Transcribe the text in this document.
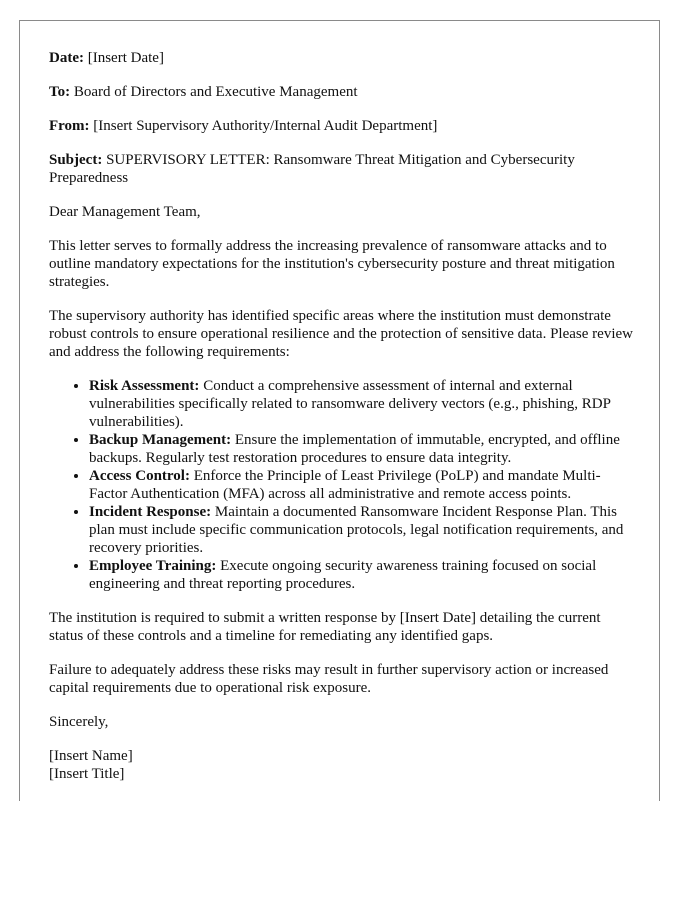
Date: [Insert Date]

To: Board of Directors and Executive Management

From: [Insert Supervisory Authority/Internal Audit Department]

Subject: SUPERVISORY LETTER: Ransomware Threat Mitigation and Cybersecurity Preparedness

Dear Management Team,

This letter serves to formally address the increasing prevalence of ransomware attacks and to outline mandatory expectations for the institution's cybersecurity posture and threat mitigation strategies.

The supervisory authority has identified specific areas where the institution must demonstrate robust controls to ensure operational resilience and the protection of sensitive data. Please review and address the following requirements:

• Risk Assessment: Conduct a comprehensive assessment of internal and external vulnerabilities specifically related to ransomware delivery vectors (e.g., phishing, RDP vulnerabilities).
• Backup Management: Ensure the implementation of immutable, encrypted, and offline backups. Regularly test restoration procedures to ensure data integrity.
• Access Control: Enforce the Principle of Least Privilege (PoLP) and mandate Multi-Factor Authentication (MFA) across all administrative and remote access points.
• Incident Response: Maintain a documented Ransomware Incident Response Plan. This plan must include specific communication protocols, legal notification requirements, and recovery priorities.
• Employee Training: Execute ongoing security awareness training focused on social engineering and threat reporting procedures.

The institution is required to submit a written response by [Insert Date] detailing the current status of these controls and a timeline for remediating any identified gaps.

Failure to adequately address these risks may result in further supervisory action or increased capital requirements due to operational risk exposure.

Sincerely,

[Insert Name]
[Insert Title]
